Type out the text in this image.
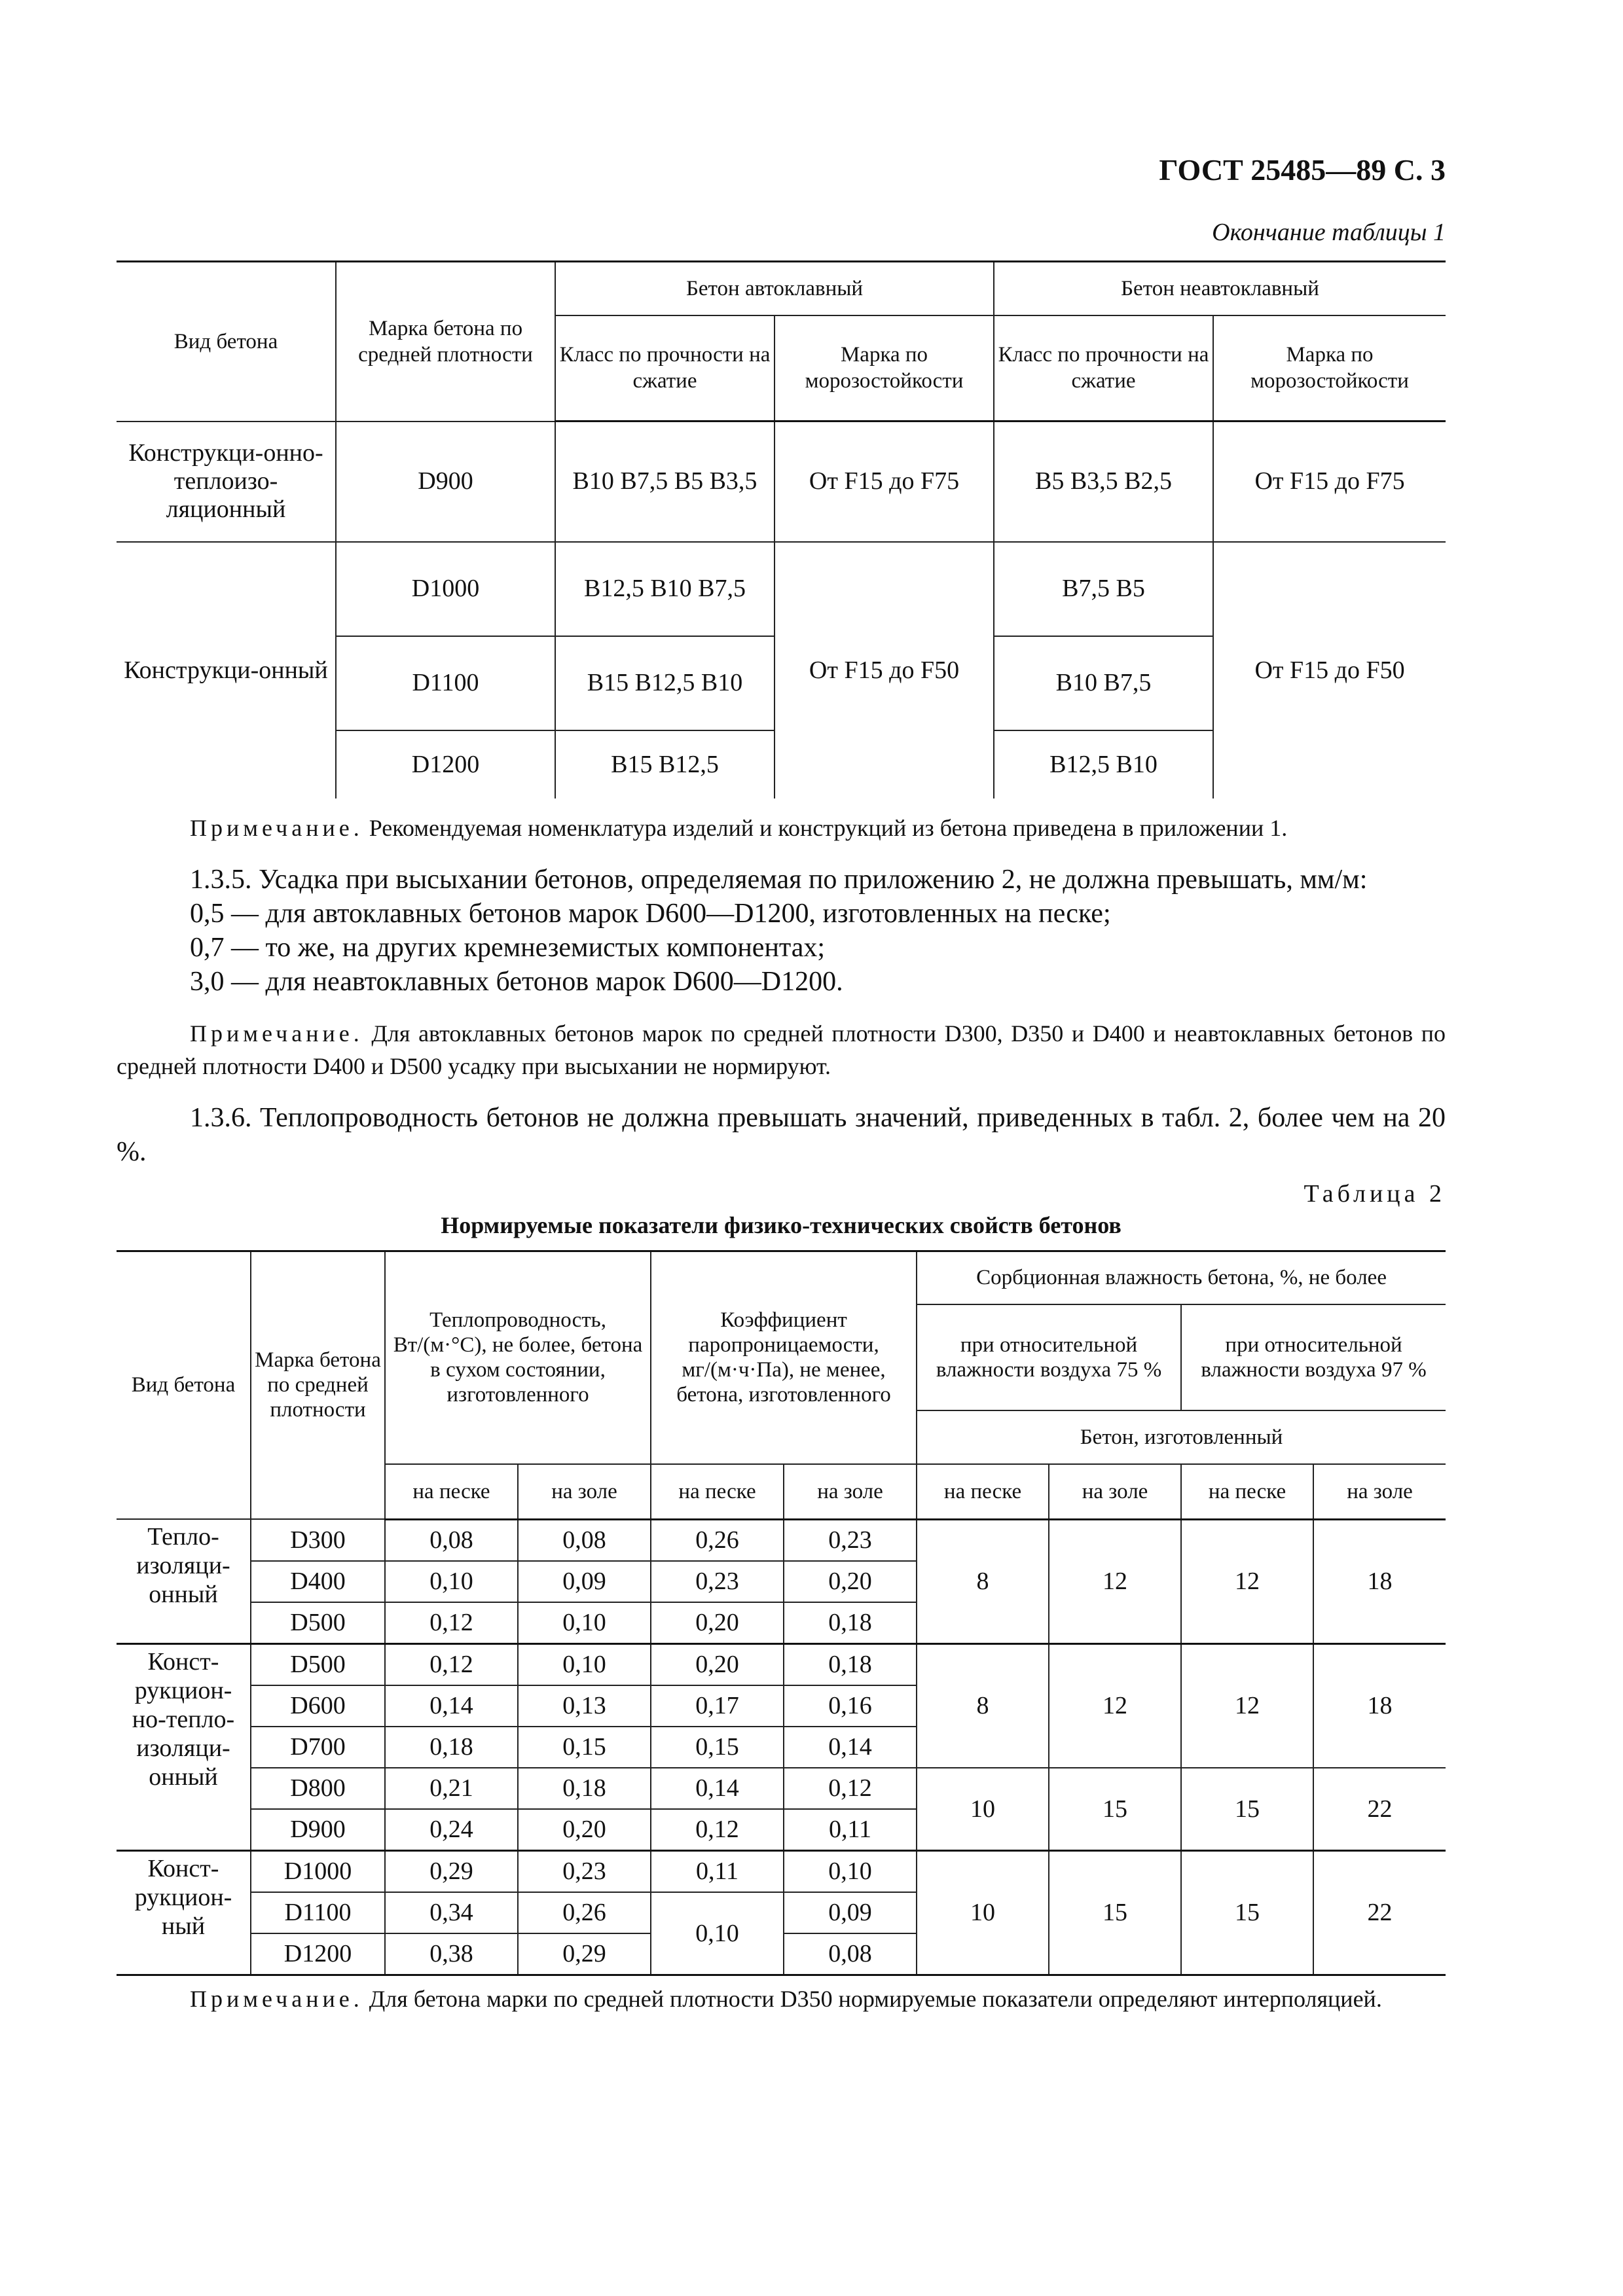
ГОСТ 25485—89 С. 3
Окончание таблицы 1
Вид бетона	Марка бетона по средней плотности	Бетон автоклавный		Бетон неавтоклавный	
		Класс по прочности на сжатие	Марка по морозостойкости	Класс по прочности на сжатие	Марка по морозостойкости
Конструкци-онно-теплоизо-ляционный	D900	B10 B7,5 B5 B3,5	От F15 до F75	B5 B3,5 B2,5	От F15 до F75
Конструкци-онный	D1000	B12,5 B10 B7,5	От F15 до F50	B7,5 B5	От F15 до F50
	D1100	B15 B12,5 B10		B10 B7,5	
	D1200	B15 B12,5		B12,5 B10	

Примечание. Рекомендуемая номенклатура изделий и конструкций из бетона приведена в приложении 1.

1.3.5. Усадка при высыхании бетонов, определяемая по приложению 2, не должна превышать, мм/м:

0,5 — для автоклавных бетонов марок D600—D1200, изготовленных на песке;

0,7 — то же, на других кремнеземистых компонентах;

3,0 — для неавтоклавных бетонов марок D600—D1200.

Примечание. Для автоклавных бетонов марок по средней плотности D300, D350 и D400 и неавтоклавных бетонов по средней плотности D400 и D500 усадку при высыхании не нормируют.

1.3.6. Теплопроводность бетонов не должна превышать значений, приведенных в табл. 2, более чем на 20 %.

Таблица 2
Нормируемые показатели физико-технических свойств бетонов
Вид бетона	Марка бетона по средней плотности	Теплопроводность, Вт/(м·°С), не более, бетона в сухом состоянии, изготовленного		Коэффициент паропроницаемости, мг/(м·ч·Па), не менее, бетона, изготовленного		Сорбционная влажность бетона, %, не более			
						при относительной влажности воздуха 75 %		при относительной влажности воздуха 97 %	
						Бетон, изготовленный			
		на песке	на золе	на песке	на золе	на песке	на золе	на песке	на золе
Тепло-изоляци-онный	D300	0,08	0,08	0,26	0,23	8	12	12	18
	D400	0,10	0,09	0,23	0,20				
	D500	0,12	0,10	0,20	0,18				
Конст-рукцион-но-тепло-изоляци-онный	D500	0,12	0,10	0,20	0,18	8	12	12	18
	D600	0,14	0,13	0,17	0,16				
	D700	0,18	0,15	0,15	0,14				
	D800	0,21	0,18	0,14	0,12	10	15	15	22
	D900	0,24	0,20	0,12	0,11				
Конст-рукцион-ный	D1000	0,29	0,23	0,11	0,10	10	15	15	22
	D1100	0,34	0,26	0,10	0,09				
	D1200	0,38	0,29		0,08				

Примечание. Для бетона марки по средней плотности D350 нормируемые показатели определяют интерполяцией.
